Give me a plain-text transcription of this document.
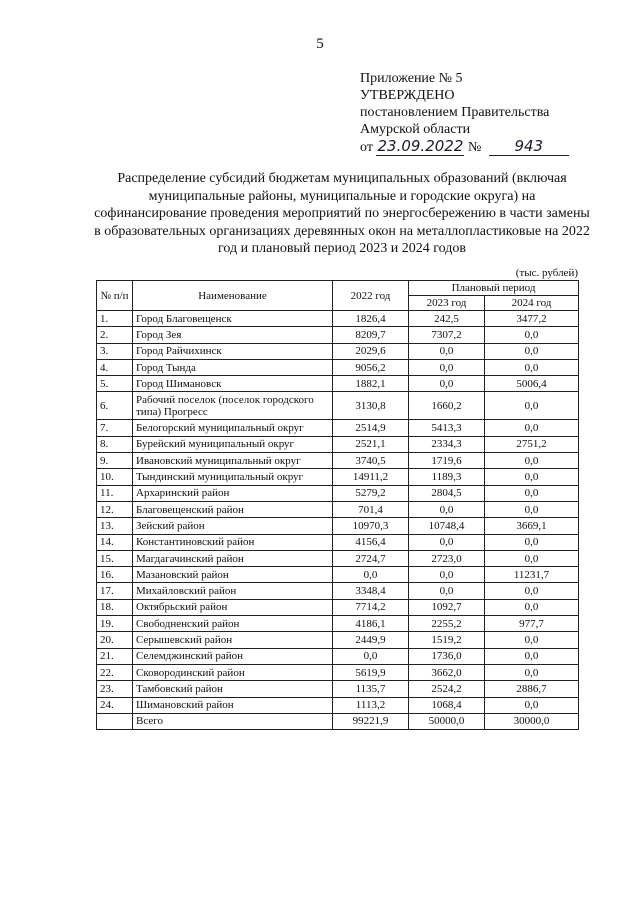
5
Приложение № 5
УТВЕРЖДЕНО
постановлением Правительства
Амурской области
от 23.09.2022 № 943
Распределение субсидий бюджетам муниципальных образований (включая муниципальные районы, муниципальные и городские округа) на софинансирование проведения мероприятий по энергосбережению в части замены в образовательных организациях деревянных окон на металлопластиковые на 2022 год и плановый период 2023 и 2024 годов
(тыс. рублей)
№ п/п	Наименование	2022 год	Плановый период	
			2023 год	2024 год
1.	Город Благовещенск	1826,4	242,5	3477,2
2.	Город Зея	8209,7	7307,2	0,0
3.	Город Райчихинск	2029,6	0,0	0,0
4.	Город Тында	9056,2	0,0	0,0
5.	Город Шимановск	1882,1	0,0	5006,4
6.	Рабочий поселок (поселок городского типа) Прогресс	3130,8	1660,2	0,0
7.	Белогорский муниципальный округ	2514,9	5413,3	0,0
8.	Бурейский муниципальный округ	2521,1	2334,3	2751,2
9.	Ивановский муниципальный округ	3740,5	1719,6	0,0
10.	Тындинский муниципальный округ	14911,2	1189,3	0,0
11.	Архаринский район	5279,2	2804,5	0,0
12.	Благовещенский район	701,4	0,0	0,0
13.	Зейский район	10970,3	10748,4	3669,1
14.	Константиновский район	4156,4	0,0	0,0
15.	Магдагачинский район	2724,7	2723,0	0,0
16.	Мазановский район	0,0	0,0	11231,7
17.	Михайловский район	3348,4	0,0	0,0
18.	Октябрьский район	7714,2	1092,7	0,0
19.	Свободненский район	4186,1	2255,2	977,7
20.	Серышевский район	2449,9	1519,2	0,0
21.	Селемджинский район	0,0	1736,0	0,0
22.	Сковородинский район	5619,9	3662,0	0,0
23.	Тамбовский район	1135,7	2524,2	2886,7
24.	Шимановский район	1113,2	1068,4	0,0
	Всего	99221,9	50000,0	30000,0
